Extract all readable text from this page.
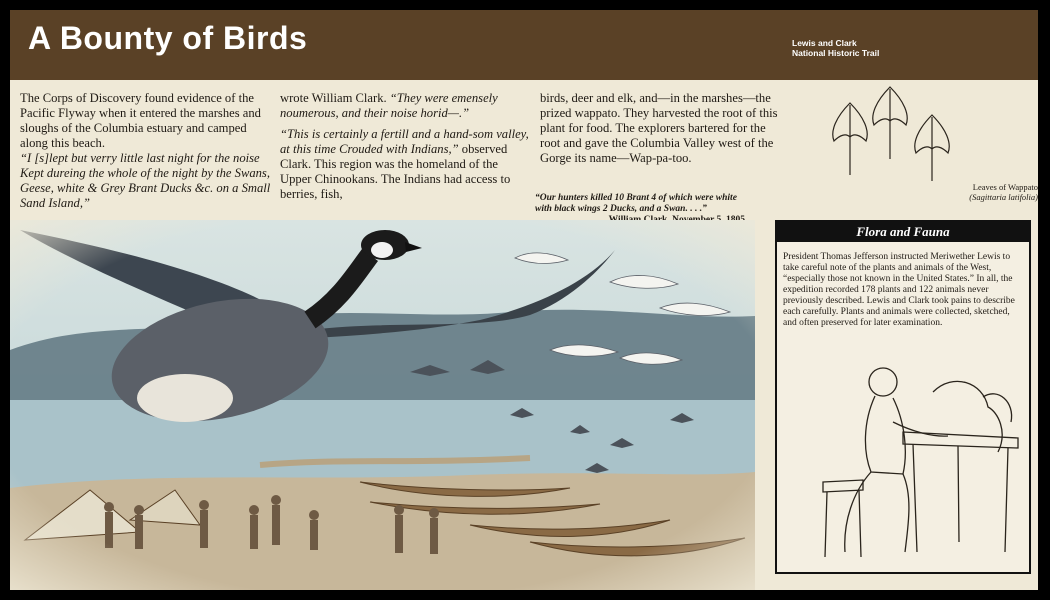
A Bounty of Birds	Lewis and Clark
National Historic Trail

The Corps of Discovery found evidence of the Pacific Flyway when it entered the marshes and sloughs of the Columbia estuary and camped along this beach.

“I [s]lept but verry little last night for the noise Kept dureing the whole of the night by the Swans, Geese, white & Grey Brant Ducks &c. on a Small Sand Island,”

wrote William Clark. “They were emensely noumerous, and their noise horid—.”

“This is certainly a fertill and a hand-som valley, at this time Crouded with Indians,” observed Clark. This region was the homeland of the Upper Chinookans. The Indians had access to berries, fish,

birds, deer and elk, and—in the marshes—the prized wappato. They harvested the root of this plant for food. The explorers bartered for the root and gave the Columbia Valley west of the Gorge its name—Wap-pa-too.

“Our hunters killed 10 Brant 4 of which were white with black wings 2 Ducks, and a Swan. . . .”
Leaves of Wappato
(Sagittaria latifolia)
Flora and Fauna
President Thomas Jefferson instructed Meriwether Lewis to take careful note of the plants and animals of the West, “especially those not known in the United States.” In all, the expedition recorded 178 plants and 122 animals never previously described. Lewis and Clark took pains to describe each carefully. Plants and animals were collected, sketched, and often preserved for later examination.
